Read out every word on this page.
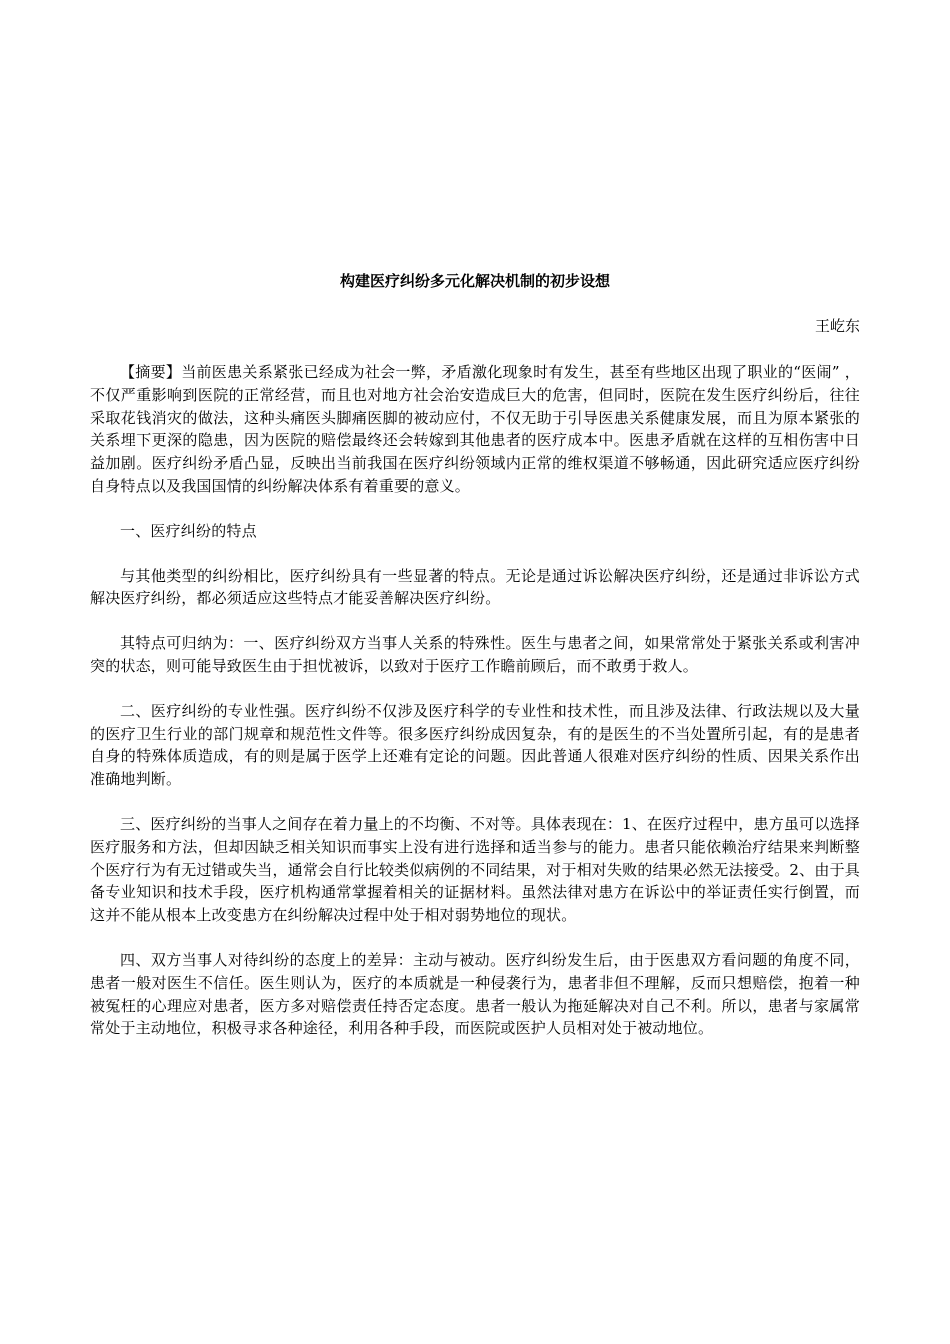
构建医疗纠纷多元化解决机制的初步设想

王屹东

【摘要】当前医患关系紧张已经成为社会一弊，矛盾激化现象时有发生，甚至有些地区出现了职业的“医闹” ，不仅严重影响到医院的正常经营，而且也对地方社会治安造成巨大的危害，但同时，医院在发生医疗纠纷后，往往采取花钱消灾的做法，这种头痛医头脚痛医脚的被动应付，不仅无助于引导医患关系健康发展，而且为原本紧张的关系埋下更深的隐患，因为医院的赔偿最终还会转嫁到其他患者的医疗成本中。医患矛盾就在这样的互相伤害中日益加剧。医疗纠纷矛盾凸显，反映出当前我国在医疗纠纷领域内正常的维权渠道不够畅通，因此研究适应医疗纠纷自身特点以及我国国情的纠纷解决体系有着重要的意义。

一、医疗纠纷的特点

与其他类型的纠纷相比，医疗纠纷具有一些显著的特点。无论是通过诉讼解决医疗纠纷，还是通过非诉讼方式解决医疗纠纷，都必须适应这些特点才能妥善解决医疗纠纷。

其特点可归纳为：一、医疗纠纷双方当事人关系的特殊性。医生与患者之间，如果常常处于紧张关系或利害冲突的状态，则可能导致医生由于担忧被诉，以致对于医疗工作瞻前顾后，而不敢勇于救人。

二、医疗纠纷的专业性强。医疗纠纷不仅涉及医疗科学的专业性和技术性，而且涉及法律、行政法规以及大量的医疗卫生行业的部门规章和规范性文件等。很多医疗纠纷成因复杂，有的是医生的不当处置所引起，有的是患者自身的特殊体质造成，有的则是属于医学上还难有定论的问题。因此普通人很难对医疗纠纷的性质、因果关系作出准确地判断。

三、医疗纠纷的当事人之间存在着力量上的不均衡、不对等。具体表现在：1、在医疗过程中，患方虽可以选择医疗服务和方法，但却因缺乏相关知识而事实上没有进行选择和适当参与的能力。患者只能依赖治疗结果来判断整个医疗行为有无过错或失当，通常会自行比较类似病例的不同结果，对于相对失败的结果必然无法接受。2、由于具备专业知识和技术手段，医疗机构通常掌握着相关的证据材料。虽然法律对患方在诉讼中的举证责任实行倒置，而这并不能从根本上改变患方在纠纷解决过程中处于相对弱势地位的现状。

四、双方当事人对待纠纷的态度上的差异：主动与被动。医疗纠纷发生后，由于医患双方看问题的角度不同，患者一般对医生不信任。医生则认为，医疗的本质就是一种侵袭行为，患者非但不理解，反而只想赔偿，抱着一种被冤枉的心理应对患者，医方多对赔偿责任持否定态度。患者一般认为拖延解决对自己不利。所以，患者与家属常常处于主动地位，积极寻求各种途径，利用各种手段，而医院或医护人员相对处于被动地位。
